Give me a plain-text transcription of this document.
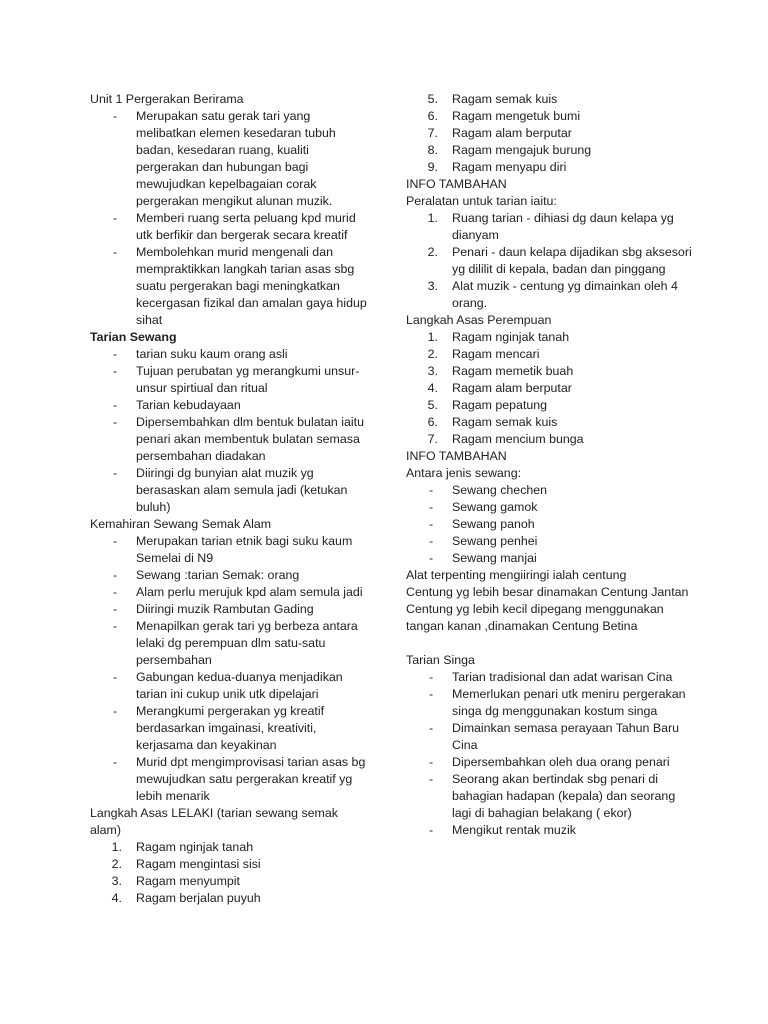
Unit 1 Pergerakan Berirama

-	Merupakan satu gerak tari yang melibatkan elemen kesedaran tubuh badan, kesedaran ruang, kualiti pergerakan dan hubungan bagi mewujudkan kepelbagaian corak pergerakan mengikut alunan muzik.
-	Memberi ruang serta peluang kpd murid utk berfikir dan bergerak secara kreatif
-	Membolehkan murid mengenali dan mempraktikkan langkah tarian asas sbg suatu pergerakan bagi meningkatkan kecergasan fizikal dan amalan gaya hidup sihat

Tarian Sewang

-	tarian suku kaum orang asli
-	Tujuan perubatan yg merangkumi unsur-unsur spirtiual dan ritual
-	Tarian kebudayaan
-	Dipersembahkan dlm bentuk bulatan iaitu penari akan membentuk bulatan semasa persembahan diadakan
-	Diiringi dg bunyian alat muzik yg berasaskan alam semula jadi (ketukan buluh)

Kemahiran Sewang Semak Alam

-	Merupakan tarian etnik bagi suku kaum Semelai di N9
-	Sewang :tarian Semak: orang
-	Alam perlu merujuk kpd alam semula jadi
-	Diiringi muzik Rambutan Gading
-	Menapilkan gerak tari yg berbeza antara lelaki dg perempuan dlm satu-satu persembahan
-	Gabungan kedua-duanya menjadikan tarian ini cukup unik utk dipelajari
-	Merangkumi pergerakan yg kreatif berdasarkan imgainasi, kreativiti, kerjasama dan keyakinan
-	Murid dpt mengimprovisasi tarian asas bg mewujudkan satu pergerakan kreatif yg lebih menarik

Langkah Asas LELAKI (tarian sewang semak alam)

1. Ragam nginjak tanah
2. Ragam mengintasi sisi
3. Ragam menyumpit
4. Ragam berjalan puyuh
5. Ragam semak kuis
6. Ragam mengetuk bumi
7. Ragam alam berputar
8. Ragam mengajuk burung
9. Ragam menyapu diri

INFO TAMBAHAN

Peralatan untuk tarian iaitu:

1. Ruang tarian - dihiasi dg daun kelapa yg dianyam
2. Penari - daun kelapa dijadikan sbg aksesori yg dililit di kepala, badan dan pinggang
3. Alat muzik - centung yg dimainkan oleh 4 orang.

Langkah Asas Perempuan

1. Ragam nginjak tanah
2. Ragam mencari
3. Ragam memetik buah
4. Ragam alam berputar
5. Ragam pepatung
6. Ragam semak kuis
7. Ragam mencium bunga

INFO TAMBAHAN

Antara jenis sewang:

-	Sewang chechen
-	Sewang gamok
-	Sewang panoh
-	Sewang penhei
-	Sewang manjai

Alat terpenting mengiiringi ialah centung

Centung yg lebih besar dinamakan Centung Jantan

Centung yg lebih kecil dipegang menggunakan tangan kanan ,dinamakan Centung Betina

Tarian Singa

-	Tarian tradisional dan adat warisan Cina
-	Memerlukan penari utk meniru pergerakan singa dg menggunakan kostum singa
-	Dimainkan semasa perayaan Tahun Baru Cina
-	Dipersembahkan oleh dua orang penari
-	Seorang akan bertindak sbg penari di bahagian hadapan (kepala) dan seorang lagi di bahagian belakang ( ekor)
-	Mengikut rentak muzik
